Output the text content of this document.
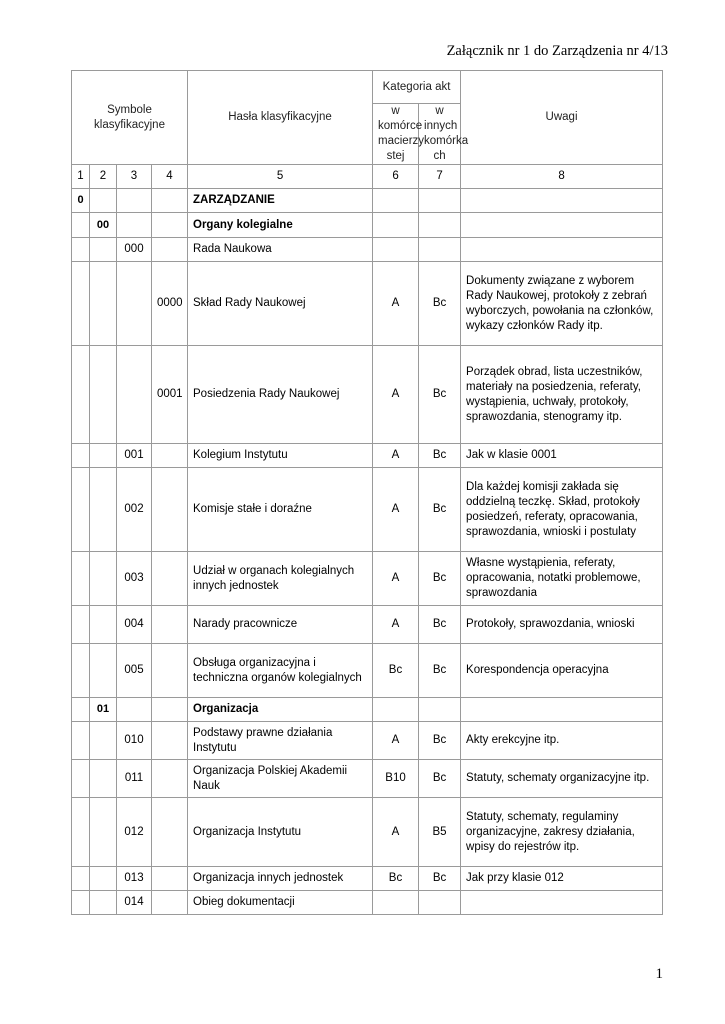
Załącznik nr 1 do Zarządzenia nr 4/13
Symbole klasyfikacyjne				Hasła klasyfikacyjne	Kategoria akt		Uwagi
					w komórce macierzy stej	w innych komórka ch	
1	2	3	4	5	6	7	8
0				ZARZĄDZANIE			
	00			Organy kolegialne			
		000		Rada Naukowa			
			0000	Skład Rady Naukowej	A	Bc	Dokumenty związane z wyborem Rady Naukowej, protokoły z zebrań wyborczych, powołania na członków, wykazy członków Rady itp.
			0001	Posiedzenia Rady Naukowej	A	Bc	Porządek obrad, lista uczestników, materiały na posiedzenia, referaty, wystąpienia, uchwały, protokoły, sprawozdania, stenogramy itp.
		001		Kolegium Instytutu	A	Bc	Jak w klasie 0001
		002		Komisje stałe i doraźne	A	Bc	Dla każdej komisji zakłada się oddzielną teczkę. Skład, protokoły posiedzeń, referaty, opracowania, sprawozdania, wnioski i postulaty
		003		Udział w organach kolegialnych innych jednostek	A	Bc	Własne wystąpienia, referaty, opracowania, notatki problemowe, sprawozdania
		004		Narady pracownicze	A	Bc	Protokoły, sprawozdania, wnioski
		005		Obsługa organizacyjna i techniczna organów kolegialnych	Bc	Bc	Korespondencja operacyjna
	01			Organizacja			
		010		Podstawy prawne działania Instytutu	A	Bc	Akty erekcyjne itp.
		011		Organizacja Polskiej Akademii Nauk	B10	Bc	Statuty, schematy organizacyjne itp.
		012		Organizacja Instytutu	A	B5	Statuty, schematy, regulaminy organizacyjne, zakresy działania, wpisy do rejestrów itp.
		013		Organizacja innych jednostek	Bc	Bc	Jak przy klasie 012
		014		Obieg dokumentacji			
1
